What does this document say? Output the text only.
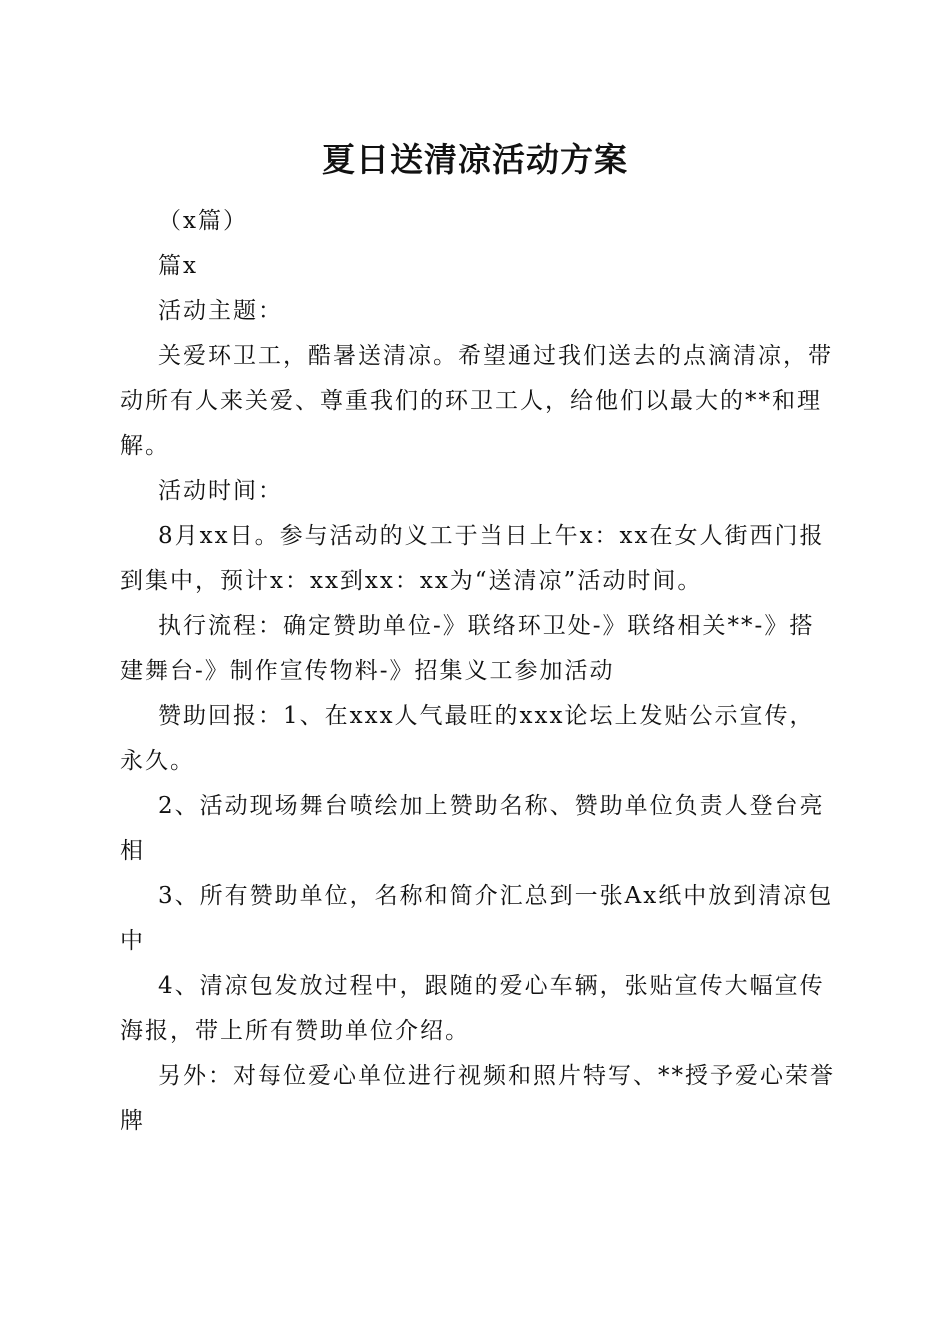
夏日送清凉活动方案

（x篇）

篇x

活动主题：

关爱环卫工，酷暑送清凉。希望通过我们送去的点滴清凉，带动所有人来关爱、尊重我们的环卫工人，给他们以最大的**和理解。

活动时间：

8月xx日。参与活动的义工于当日上午x：xx在女人街西门报到集中，预计x：xx到xx：xx为“送清凉”活动时间。

执行流程：确定赞助单位-》联络环卫处-》联络相关**-》搭建舞台-》制作宣传物料-》招集义工参加活动

赞助回报：1、在xxx人气最旺的xxx论坛上发贴公示宣传，永久。

2、活动现场舞台喷绘加上赞助名称、赞助单位负责人登台亮相

3、所有赞助单位，名称和简介汇总到一张Ax纸中放到清凉包中

4、清凉包发放过程中，跟随的爱心车辆，张贴宣传大幅宣传海报，带上所有赞助单位介绍。

另外：对每位爱心单位进行视频和照片特写、**授予爱心荣誉牌
